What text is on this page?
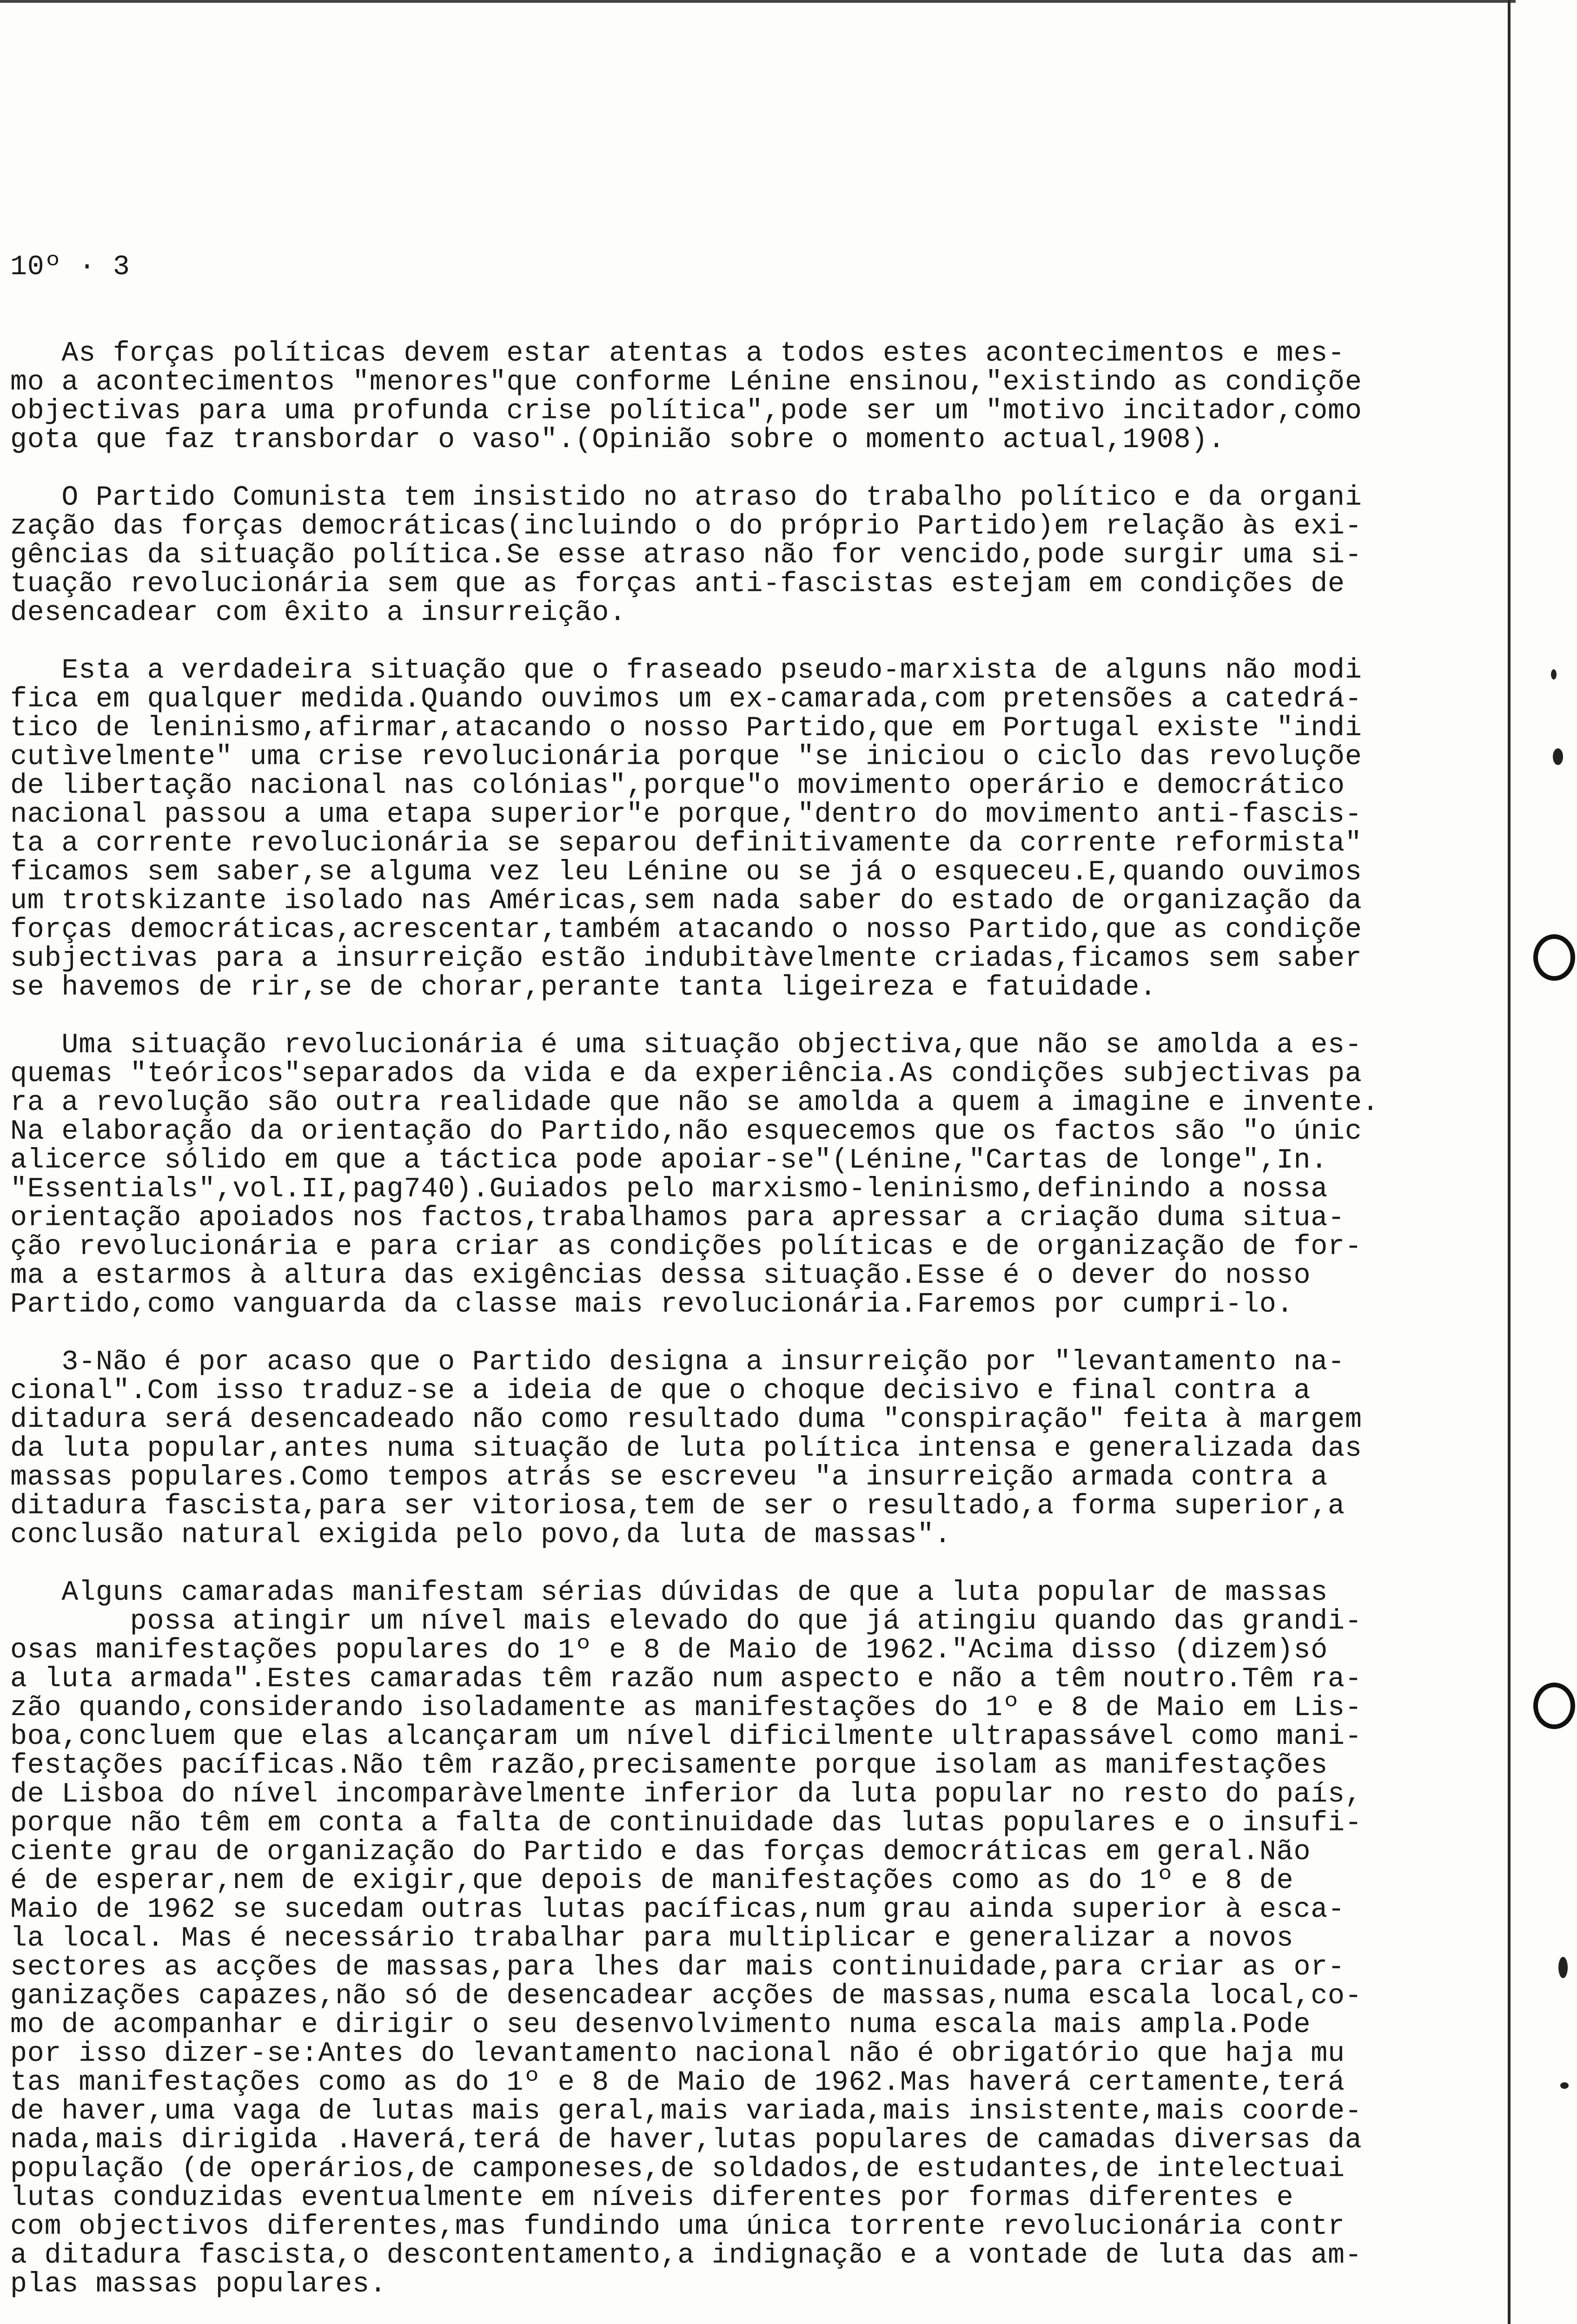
10º · 3

As forças políticas devem estar atentas a todos estes acontecimentos e mes-
mo a acontecimentos "menores"que conforme Lénine ensinou,"existindo as condiçõe
objectivas para uma profunda crise política",pode ser um "motivo incitador,como
gota que faz transbordar o vaso".(Opinião sobre o momento actual,1908).
O Partido Comunista tem insistido no atraso do trabalho político e da organi
zação das forças democráticas(incluindo o do próprio Partido)em relação às exi-
gências da situação política.Se esse atraso não for vencido,pode surgir uma si-
tuação revolucionária sem que as forças anti-fascistas estejam em condições de
desencadear com êxito a insurreição.
Esta a verdadeira situação que o fraseado pseudo-marxista de alguns não modi
fica em qualquer medida.Quando ouvimos um ex-camarada,com pretensões a catedrá-
tico de leninismo,afirmar,atacando o nosso Partido,que em Portugal existe "indi
cutìvelmente" uma crise revolucionária porque "se iniciou o ciclo das revoluçõe
de libertação nacional nas colónias",porque"o movimento operário e democrático
nacional passou a uma etapa superior"e porque,"dentro do movimento anti-fascis-
ta a corrente revolucionária se separou definitivamente da corrente reformista"
ficamos sem saber,se alguma vez leu Lénine ou se já o esqueceu.E,quando ouvimos
um trotskizante isolado nas Américas,sem nada saber do estado de organização da
forças democráticas,acrescentar,também atacando o nosso Partido,que as condiçõe
subjectivas para a insurreição estão indubitàvelmente criadas,ficamos sem saber
se havemos de rir,se de chorar,perante tanta ligeireza e fatuidade.
Uma situação revolucionária é uma situação objectiva,que não se amolda a es-
quemas "teóricos"separados da vida e da experiência.As condições subjectivas pa
ra a revolução são outra realidade que não se amolda a quem a imagine e invente.
Na elaboração da orientação do Partido,não esquecemos que os factos são "o únic
alicerce sólido em que a táctica pode apoiar-se"(Lénine,"Cartas de longe",In.
"Essentials",vol.II,pag740).Guiados pelo marxismo-leninismo,definindo a nossa
orientação apoiados nos factos,trabalhamos para apressar a criação duma situa-
ção revolucionária e para criar as condições políticas e de organização de for-
ma a estarmos à altura das exigências dessa situação.Esse é o dever do nosso
Partido,como vanguarda da classe mais revolucionária.Faremos por cumpri-lo.
3-Não é por acaso que o Partido designa a insurreição por "levantamento na-
cional".Com isso traduz-se a ideia de que o choque decisivo e final contra a
ditadura será desencadeado não como resultado duma "conspiração" feita à margem
da luta popular,antes numa situação de luta política intensa e generalizada das
massas populares.Como tempos atrás se escreveu "a insurreição armada contra a
ditadura fascista,para ser vitoriosa,tem de ser o resultado,a forma superior,a
conclusão natural exigida pelo povo,da luta de massas".
Alguns camaradas manifestam sérias dúvidas de que a luta popular de massas
possa atingir um nível mais elevado do que já atingiu quando das grandi-
osas manifestações populares do 1º e 8 de Maio de 1962."Acima disso (dizem)só
a luta armada".Estes camaradas têm razão num aspecto e não a têm noutro.Têm ra-
zão quando,considerando isoladamente as manifestações do 1º e 8 de Maio em Lis-
boa,concluem que elas alcançaram um nível dificilmente ultrapassável como mani-
festações pacíficas.Não têm razão,precisamente porque isolam as manifestações
de Lisboa do nível incomparàvelmente inferior da luta popular no resto do país,
porque não têm em conta a falta de continuidade das lutas populares e o insufi-
ciente grau de organização do Partido e das forças democráticas em geral.Não
é de esperar,nem de exigir,que depois de manifestações como as do 1º e 8 de
Maio de 1962 se sucedam outras lutas pacíficas,num grau ainda superior à esca-
la local. Mas é necessário trabalhar para multiplicar e generalizar a novos
sectores as acções de massas,para lhes dar mais continuidade,para criar as or-
ganizações capazes,não só de desencadear acções de massas,numa escala local,co-
mo de acompanhar e dirigir o seu desenvolvimento numa escala mais ampla.Pode
por isso dizer-se:Antes do levantamento nacional não é obrigatório que haja mu
tas manifestações como as do 1º e 8 de Maio de 1962.Mas haverá certamente,terá
de haver,uma vaga de lutas mais geral,mais variada,mais insistente,mais coorde-
nada,mais dirigida .Haverá,terá de haver,lutas populares de camadas diversas da
população (de operários,de camponeses,de soldados,de estudantes,de intelectuai
lutas conduzidas eventualmente em níveis diferentes por formas diferentes e
com objectivos diferentes,mas fundindo uma única torrente revolucionária contr
a ditadura fascista,o descontentamento,a indignação e a vontade de luta das am-
plas massas populares.
